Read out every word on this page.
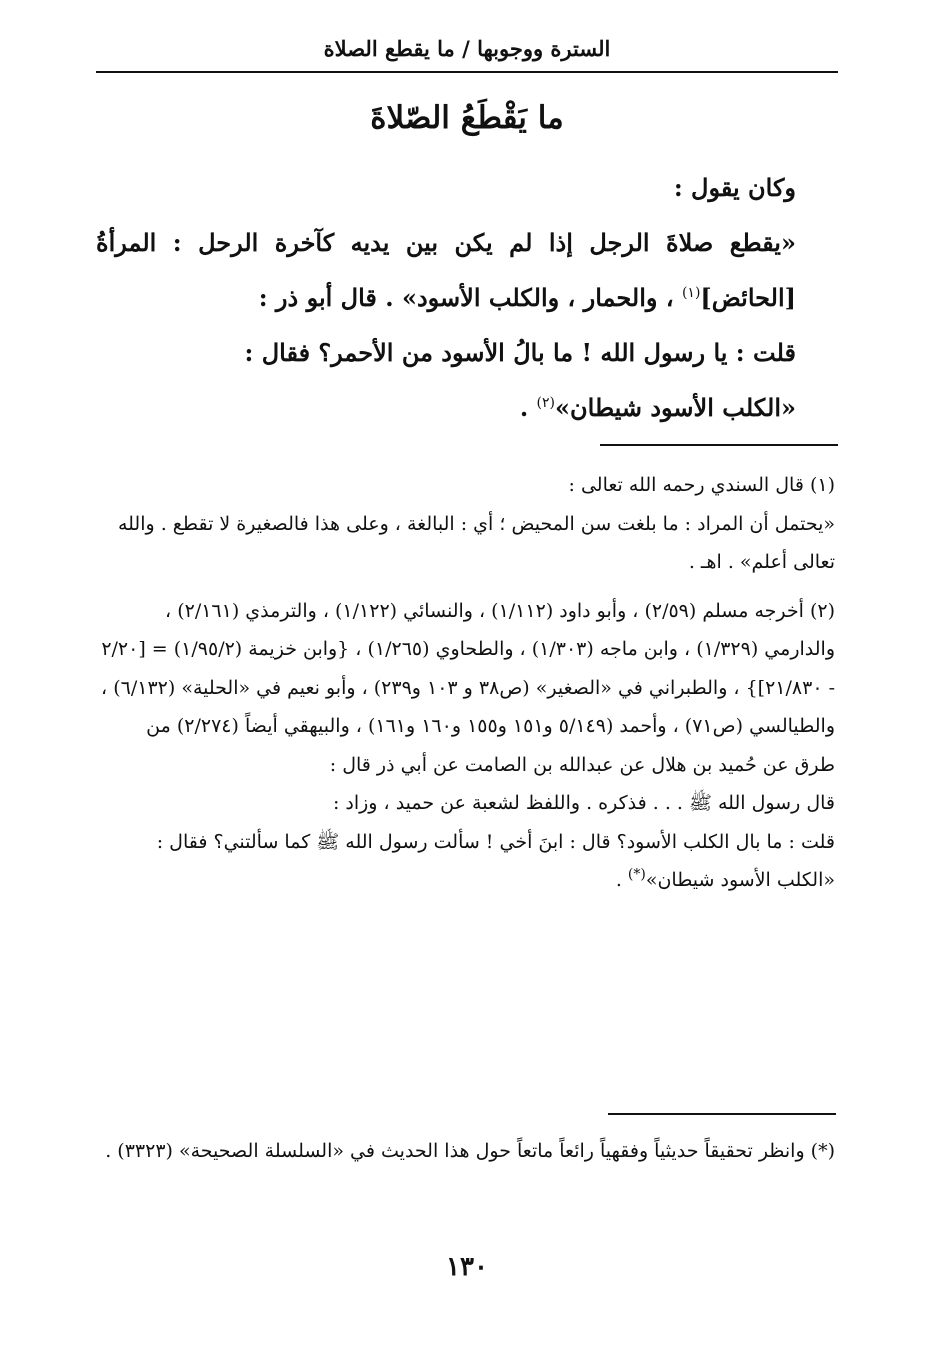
السترة ووجوبها / ما يقطع الصلاة
ما يَقْطَعُ الصّلاةَ

وكان يقول :

«يقطع صلاةَ الرجل إذا لم يكن بين يديه كآخرة الرحل : المرأةُ [الحائض]$^{(١)}$ ، والحمار ، والكلب الأسود» . قال أبو ذر :

قلت : يا رسول الله ! ما بالُ الأسود من الأحمر؟ فقال :

«الكلب الأسود شيطان»$^{(٢)}$ .

(١) قال السندي رحمه الله تعالى :

«يحتمل أن المراد : ما بلغت سن المحيض ؛ أي : البالغة ، وعلى هذا فالصغيرة لا تقطع . والله تعالى أعلم» . اهـ .

(٢) أخرجه مسلم (٢/٥٩) ، وأبو داود (١/١١٢) ، والنسائي (١/١٢٢) ، والترمذي (٢/١٦١) ، والدارمي (١/٣٢٩) ، وابن ماجه (١/٣٠٣) ، والطحاوي (١/٢٦٥) ، {وابن خزيمة (١/٩٥/٢) = [٢/٢٠ - ٢١/٨٣٠]} ، والطبراني في «الصغير» (ص٣٨ و ١٠٣ و٢٣٩) ، وأبو نعيم في «الحلية» (٦/١٣٢) ، والطيالسي (ص٧١) ، وأحمد (٥/١٤٩ و١٥١ و١٥٥ و١٦٠ و١٦١) ، والبيهقي أيضاً (٢/٢٧٤) من طرق عن حُميد بن هلال عن عبدالله بن الصامت عن أبي ذر قال :

قال رسول الله ﷺ . . . فذكره . واللفظ لشعبة عن حميد ، وزاد :

قلت : ما بال الكلب الأسود؟ قال : ابنَ أخي ! سألت رسول الله ﷺ كما سألتني؟ فقال :

«الكلب الأسود شيطان»(*) .

(*) وانظر تحقيقاً حديثياً وفقهياً رائعاً ماتعاً حول هذا الحديث في «السلسلة الصحيحة» (٣٣٢٣) .

١٣٠
